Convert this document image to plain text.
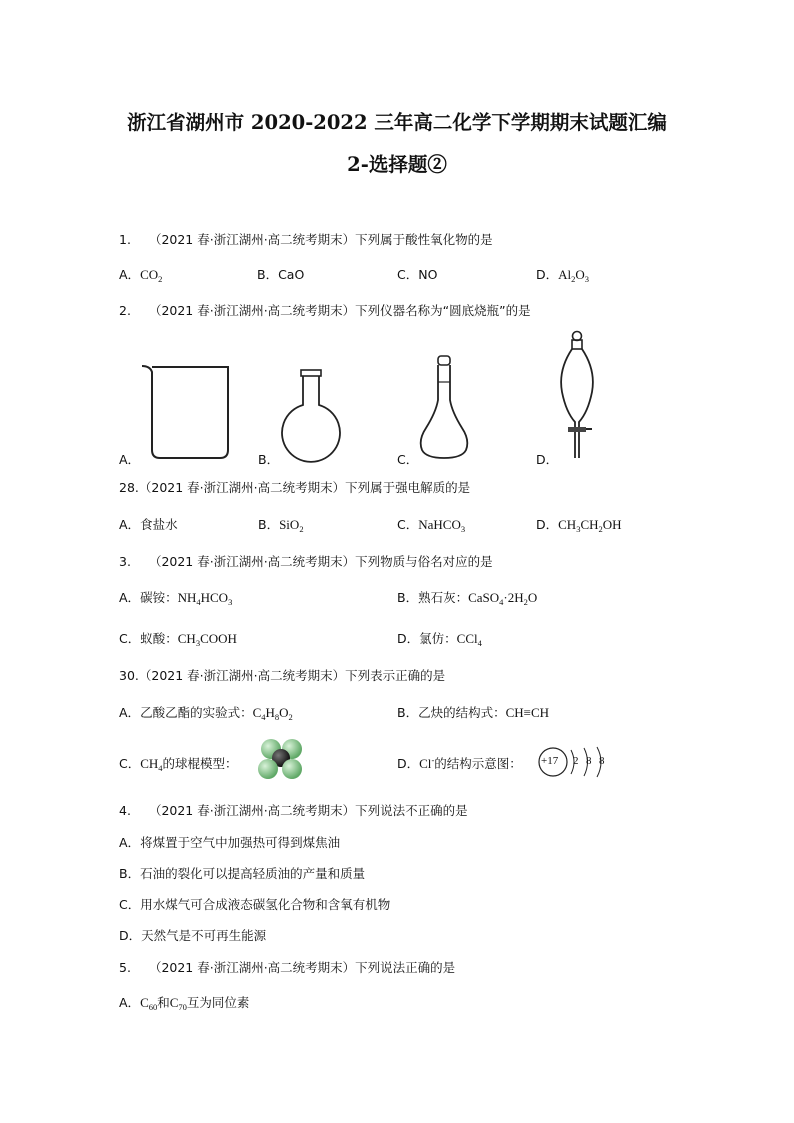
浙江省湖州市 2020-2022 三年高二化学下学期期末试题汇编
2-选择题②
1. （2021 春·浙江湖州·高二统考期末）下列属于酸性氧化物的是
A．$CO_2$	B．CaO	C．NO	D．$Al_2O_3$
2. （2021 春·浙江湖州·高二统考期末）下列仪器名称为“圆底烧瓶”的是
A．	B．	C．	D．
28.（2021 春·浙江湖州·高二统考期末）下列属于强电解质的是
A．食盐水	B．SiO$_2$	C．NaHCO$_3$	D．$CH_3CH_2OH$
3. （2021 春·浙江湖州·高二统考期末）下列物质与俗名对应的是
A．碳铵：$NH_4HCO_3$	B．熟石灰：$CaSO_4\cdot 2H_2O$
C．蚁酸：$CH_3COOH$	D．氯仿：CCl$_4$
30.（2021 春·浙江湖州·高二统考期末）下列表示正确的是
A．乙酸乙酯的实验式：$C_4H_8O_2$	B．乙炔的结构式：CH≡CH
C．$CH_4$的球棍模型：	D．Cl-的结构示意图： +17 2 8 8
4. （2021 春·浙江湖州·高二统考期末）下列说法不正确的是
A．将煤置于空气中加强热可得到煤焦油
B．石油的裂化可以提高轻质油的产量和质量
C．用水煤气可合成液态碳氢化合物和含氧有机物
D．天然气是不可再生能源
5. （2021 春·浙江湖州·高二统考期末）下列说法正确的是
A．$C_{60}$和$C_{70}$互为同位素
